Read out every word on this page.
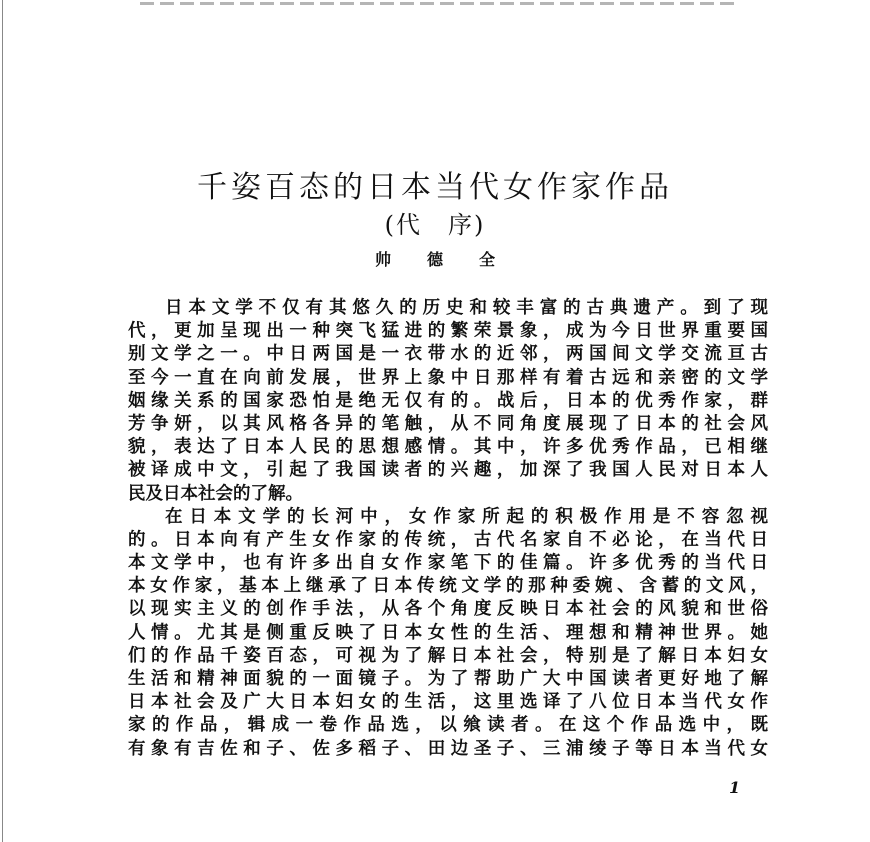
千姿百态的日本当代女作家作品
(代　序)
帅德全
日本文学不仅有其悠久的历史和较丰富的古典遗产。到了现
代，更加呈现出一种突飞猛进的繁荣景象，成为今日世界重要国
别文学之一。中日两国是一衣带水的近邻，两国间文学交流亘古
至今一直在向前发展，世界上象中日那样有着古远和亲密的文学
姻缘关系的国家恐怕是绝无仅有的。战后，日本的优秀作家，群
芳争妍，以其风格各异的笔触，从不同角度展现了日本的社会风
貌，表达了日本人民的思想感情。其中，许多优秀作品，已相继
被译成中文，引起了我国读者的兴趣，加深了我国人民对日本人
民及日本社会的了解。
在日本文学的长河中，女作家所起的积极作用是不容忽视
的。日本向有产生女作家的传统，古代名家自不必论，在当代日
本文学中，也有许多出自女作家笔下的佳篇。许多优秀的当代日
本女作家，基本上继承了日本传统文学的那种委婉、含蓄的文风，
以现实主义的创作手法，从各个角度反映日本社会的风貌和世俗
人情。尤其是侧重反映了日本女性的生活、理想和精神世界。她
们的作品千姿百态，可视为了解日本社会，特别是了解日本妇女
生活和精神面貌的一面镜子。为了帮助广大中国读者更好地了解
日本社会及广大日本妇女的生活，这里选译了八位日本当代女作
家的作品，辑成一卷作品选，以飨读者。在这个作品选中，既
有象有吉佐和子、佐多稻子、田边圣子、三浦绫子等日本当代女
1
